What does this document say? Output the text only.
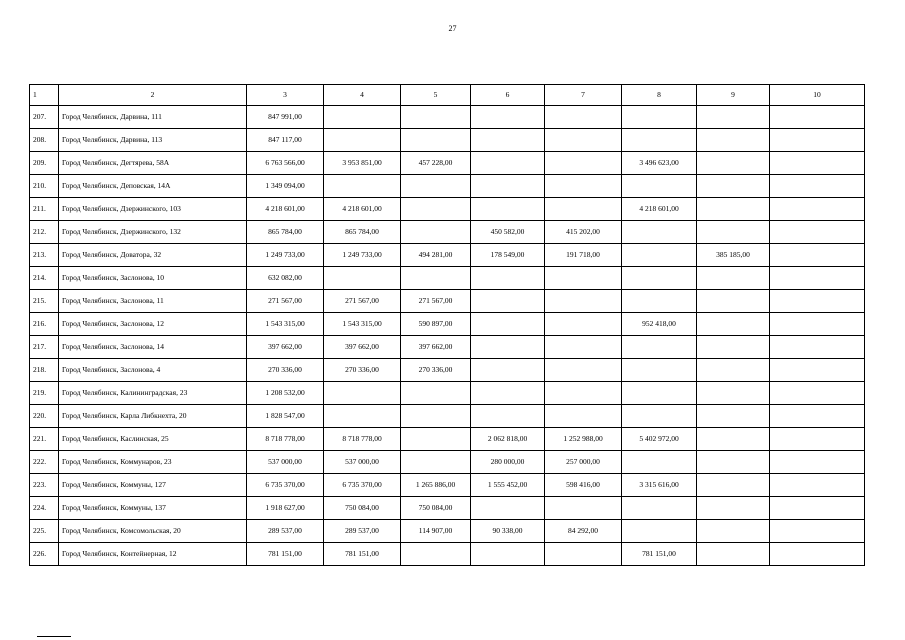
27
1	2	3	4	5	6	7	8	9	10
207.	Город Челябинск, Дарвина, 111	847 991,00							
208.	Город Челябинск, Дарвина, 113	847 117,00							
209.	Город Челябинск, Дегтярева, 58А	6 763 566,00	3 953 851,00	457 228,00			3 496 623,00		
210.	Город Челябинск, Деповская, 14А	1 349 094,00							
211.	Город Челябинск, Дзержинского, 103	4 218 601,00	4 218 601,00				4 218 601,00		
212.	Город Челябинск, Дзержинского, 132	865 784,00	865 784,00		450 582,00	415 202,00			
213.	Город Челябинск, Доватора, 32	1 249 733,00	1 249 733,00	494 281,00	178 549,00	191 718,00		385 185,00	
214.	Город Челябинск, Заслонова, 10	632 082,00							
215.	Город Челябинск, Заслонова, 11	271 567,00	271 567,00	271 567,00					
216.	Город Челябинск, Заслонова, 12	1 543 315,00	1 543 315,00	590 897,00			952 418,00		
217.	Город Челябинск, Заслонова, 14	397 662,00	397 662,00	397 662,00					
218.	Город Челябинск, Заслонова, 4	270 336,00	270 336,00	270 336,00					
219.	Город Челябинск, Калининградская, 23	1 208 532,00							
220.	Город Челябинск, Карла Либкнехта, 20	1 828 547,00							
221.	Город Челябинск, Каслинская, 25	8 718 778,00	8 718 778,00		2 062 818,00	1 252 988,00	5 402 972,00		
222.	Город Челябинск, Коммунаров, 23	537 000,00	537 000,00		280 000,00	257 000,00			
223.	Город Челябинск, Коммуны, 127	6 735 370,00	6 735 370,00	1 265 886,00	1 555 452,00	598 416,00	3 315 616,00		
224.	Город Челябинск, Коммуны, 137	1 918 627,00	750 084,00	750 084,00					
225.	Город Челябинск, Комсомольская, 20	289 537,00	289 537,00	114 907,00	90 338,00	84 292,00			
226.	Город Челябинск, Контейнерная, 12	781 151,00	781 151,00				781 151,00		
